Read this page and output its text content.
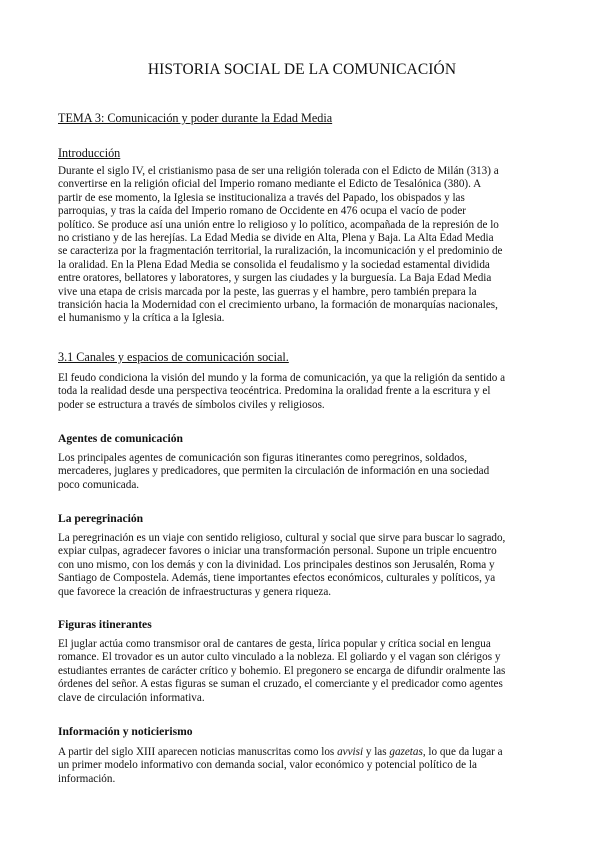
HISTORIA SOCIAL DE LA COMUNICACIÓN
TEMA 3: Comunicación y poder durante la Edad Media
Introducción
Durante el siglo IV, el cristianismo pasa de ser una religión tolerada con el Edicto de Milán (313) a
convertirse en la religión oficial del Imperio romano mediante el Edicto de Tesalónica (380). A
partir de ese momento, la Iglesia se institucionaliza a través del Papado, los obispados y las
parroquias, y tras la caída del Imperio romano de Occidente en 476 ocupa el vacío de poder
político. Se produce así una unión entre lo religioso y lo político, acompañada de la represión de lo
no cristiano y de las herejías. La Edad Media se divide en Alta, Plena y Baja. La Alta Edad Media
se caracteriza por la fragmentación territorial, la ruralización, la incomunicación y el predominio de
la oralidad. En la Plena Edad Media se consolida el feudalismo y la sociedad estamental dividida
entre oratores, bellatores y laboratores, y surgen las ciudades y la burguesía. La Baja Edad Media
vive una etapa de crisis marcada por la peste, las guerras y el hambre, pero también prepara la
transición hacia la Modernidad con el crecimiento urbano, la formación de monarquías nacionales,
el humanismo y la crítica a la Iglesia.
3.1 Canales y espacios de comunicación social.
El feudo condiciona la visión del mundo y la forma de comunicación, ya que la religión da sentido a
toda la realidad desde una perspectiva teocéntrica. Predomina la oralidad frente a la escritura y el
poder se estructura a través de símbolos civiles y religiosos.
Agentes de comunicación
Los principales agentes de comunicación son figuras itinerantes como peregrinos, soldados,
mercaderes, juglares y predicadores, que permiten la circulación de información en una sociedad
poco comunicada.
La peregrinación
La peregrinación es un viaje con sentido religioso, cultural y social que sirve para buscar lo sagrado,
expiar culpas, agradecer favores o iniciar una transformación personal. Supone un triple encuentro
con uno mismo, con los demás y con la divinidad. Los principales destinos son Jerusalén, Roma y
Santiago de Compostela. Además, tiene importantes efectos económicos, culturales y políticos, ya
que favorece la creación de infraestructuras y genera riqueza.
Figuras itinerantes
El juglar actúa como transmisor oral de cantares de gesta, lírica popular y crítica social en lengua
romance. El trovador es un autor culto vinculado a la nobleza. El goliardo y el vagan son clérigos y
estudiantes errantes de carácter crítico y bohemio. El pregonero se encarga de difundir oralmente las
órdenes del señor. A estas figuras se suman el cruzado, el comerciante y el predicador como agentes
clave de circulación informativa.
Información y noticierismo
A partir del siglo XIII aparecen noticias manuscritas como los avvisi y las gazetas, lo que da lugar a
un primer modelo informativo con demanda social, valor económico y potencial político de la
información.
